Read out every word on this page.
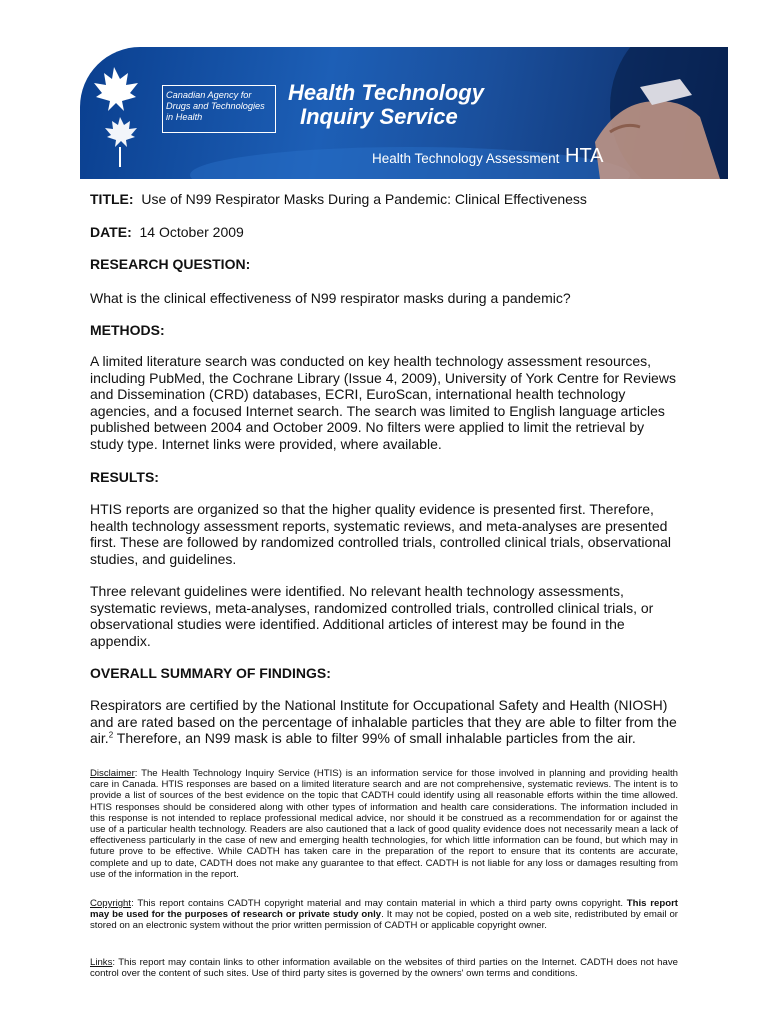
Canadian Agency for
Drugs and Technologies
in Health
Health Technology
Inquiry Service
Health Technology Assessment HTA
TITLE: Use of N99 Respirator Masks During a Pandemic: Clinical Effectiveness
DATE: 14 October 2009
RESEARCH QUESTION:
What is the clinical effectiveness of N99 respirator masks during a pandemic?
METHODS:
A limited literature search was conducted on key health technology assessment resources, including PubMed, the Cochrane Library (Issue 4, 2009), University of York Centre for Reviews and Dissemination (CRD) databases, ECRI, EuroScan, international health technology agencies, and a focused Internet search. The search was limited to English language articles published between 2004 and October 2009. No filters were applied to limit the retrieval by study type. Internet links were provided, where available.
RESULTS:
HTIS reports are organized so that the higher quality evidence is presented first. Therefore, health technology assessment reports, systematic reviews, and meta-analyses are presented first. These are followed by randomized controlled trials, controlled clinical trials, observational studies, and guidelines.
Three relevant guidelines were identified. No relevant health technology assessments, systematic reviews, meta-analyses, randomized controlled trials, controlled clinical trials, or observational studies were identified. Additional articles of interest may be found in the appendix.
OVERALL SUMMARY OF FINDINGS:
Respirators are certified by the National Institute for Occupational Safety and Health (NIOSH) and are rated based on the percentage of inhalable particles that they are able to filter from the air.$^2$ Therefore, an N99 mask is able to filter 99% of small inhalable particles from the air.
Disclaimer: The Health Technology Inquiry Service (HTIS) is an information service for those involved in planning and providing health care in Canada. HTIS responses are based on a limited literature search and are not comprehensive, systematic reviews. The intent is to provide a list of sources of the best evidence on the topic that CADTH could identify using all reasonable efforts within the time allowed. HTIS responses should be considered along with other types of information and health care considerations. The information included in this response is not intended to replace professional medical advice, nor should it be construed as a recommendation for or against the use of a particular health technology. Readers are also cautioned that a lack of good quality evidence does not necessarily mean a lack of effectiveness particularly in the case of new and emerging health technologies, for which little information can be found, but which may in future prove to be effective. While CADTH has taken care in the preparation of the report to ensure that its contents are accurate, complete and up to date, CADTH does not make any guarantee to that effect. CADTH is not liable for any loss or damages resulting from use of the information in the report.
Copyright: This report contains CADTH copyright material and may contain material in which a third party owns copyright. This report may be used for the purposes of research or private study only. It may not be copied, posted on a web site, redistributed by email or stored on an electronic system without the prior written permission of CADTH or applicable copyright owner.
Links: This report may contain links to other information available on the websites of third parties on the Internet. CADTH does not have control over the content of such sites. Use of third party sites is governed by the owners' own terms and conditions.
